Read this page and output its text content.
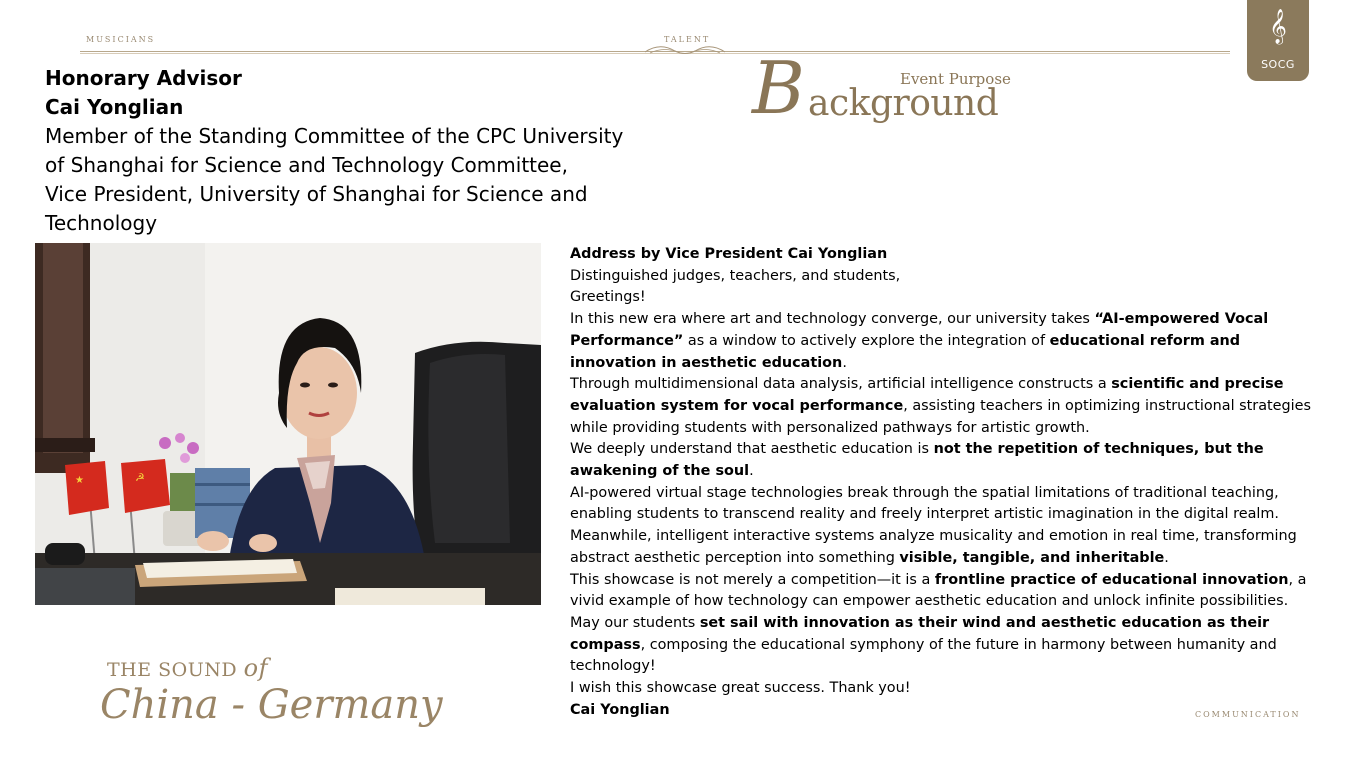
MUSICIANS	TALENT	𝄞
SOCG
Event Purpose
B ackground
Honorary Advisor
Cai Yonglian
Member of the Standing Committee of the CPC University
of Shanghai for Science and Technology Committee,
Vice President, University of Shanghai for Science and
Technology
★	☭

Address by Vice President Cai Yonglian

Distinguished judges, teachers, and students,

Greetings!

In this new era where art and technology converge, our university takes “AI-empowered Vocal Performance” as a window to actively explore the integration of educational reform and innovation in aesthetic education.

Through multidimensional data analysis, artificial intelligence constructs a scientific and precise evaluation system for vocal performance, assisting teachers in optimizing instructional strategies while providing students with personalized pathways for artistic growth.

We deeply understand that aesthetic education is not the repetition of techniques, but the awakening of the soul.

AI-powered virtual stage technologies break through the spatial limitations of traditional teaching, enabling students to transcend reality and freely interpret artistic imagination in the digital realm.

Meanwhile, intelligent interactive systems analyze musicality and emotion in real time, transforming abstract aesthetic perception into something visible, tangible, and inheritable.

This showcase is not merely a competition—it is a frontline practice of educational innovation, a vivid example of how technology can empower aesthetic education and unlock infinite possibilities.

May our students set sail with innovation as their wind and aesthetic education as their compass, composing the educational symphony of the future in harmony between humanity and technology!

I wish this showcase great success. Thank you!

Cai Yonglian

THE SOUND of
China - Germany	COMMUNICATION
